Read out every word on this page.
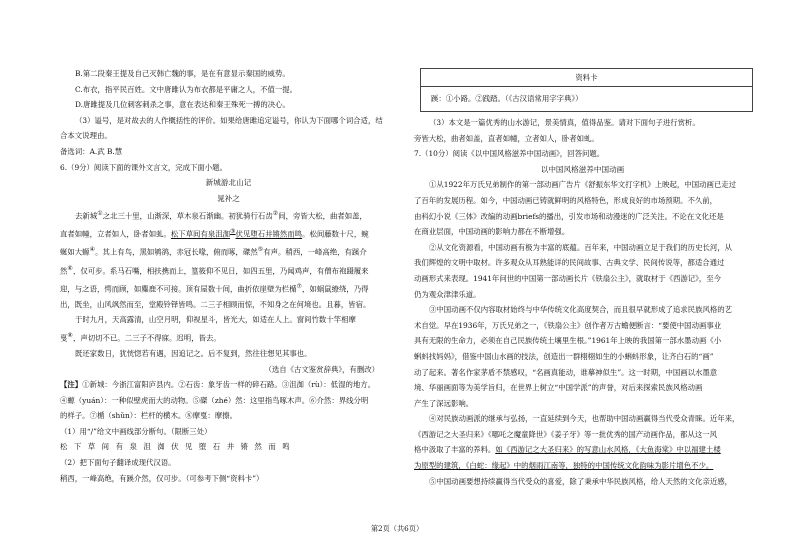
B.第二段秦王提及自己灭韩亡魏的事，是在有意显示秦国的威势。

C.布衣，指平民百姓。文中唐雎认为布衣都是平庸之人，不值一提。

D.唐雎提及几位刺客刺杀之事，意在表达和秦王殊死一搏的决心。

（3）谥号，是对故去的人作概括性的评价。如果给唐雎追定谥号，你认为下面哪个词合适，结

合本文说理由。

备选词：A.武 B.慧

6.（9分）阅读下面的课外文言文，完成下面小题。

新城游北山记

晁补之

去新城①之北三十里，山渐深，草木泉石渐幽。初犹骑行石齿②间，旁皆大松，曲者如盖，

直者如幢，立者如人，卧者如虬。松下草间有泉沮洳③伏见堕石井锵然而鸣。松间藤数十尺，蜿

蜒如大螈④。其上有鸟，黑如鸲鹆，赤冠长喙，俯而啄，磔然⑤有声。稍西，一峰高绝，有蹊介

然⑥，仅可步。系马石嘴，相扶携而上，篁筱仰不见日，如四五里，乃闻鸡声，有僧布袍蹑履来

迎，与之语，愕而顾，如麋鹿不可接。顶有屋数十间，曲折依崖壁为栏楯⑦，如蜗鼠缭绕，乃得

出，既坐，山风飒然而至，堂殿铃铎皆鸣。二三子相顾而惊，不知身之在何境也。且暮，皆宿。

于时九月，天高露清，山空月明，仰视星斗，皆光大，如适在人上。窗间竹数十竿相摩

戛⑧，声切切不已。二三子不得寐。迟明，皆去。

既还家数日，犹恍惚若有遇，因追记之。后不复到，然往往想见其事也。

（选自《古文鉴赏辞典》，有删改）

【注】①新城：今浙江富阳庐县内。②石齿：象牙齿一样的碎石路。③沮洳（rù）：低湿的地方。

④螈（yuán）：一种似壁虎而大的动物。⑤磔（zhé）然：这里指鸟啄木声。⑥介然：界线分明

的样子。⑦楯（shǔn）：栏杆的横木。⑧摩戛：摩擦。

（1）用“/”给文中画线部分断句。（限断三处）

松下草间有泉沮洳伏见堕石井锵然而鸣

（2）把下面句子翻译成现代汉语。

稍西，一峰高绝，有蹊介然，仅可步。（可参考下侧“资料卡”）

资料卡
蹊：①小路。②践踏。（《古汉语常用字字典》）

（3）本文是一篇优秀的山水游记，景美情真，值得品鉴。请对下面句子进行赏析。

旁皆大松，曲者如盖，直者如幢，立者如人，卧者如虬。

7.（10分）阅读《以中国风格滋养中国动画》，回答问题。

以中国风格滋养中国动画

①从1922年万氏兄弟制作的第一部动画广告片《舒振东华文打字机》上映起，中国动画已走过

了百年的发展历程。如今，中国动画已铸就鲜明的风格特色，形成良好的市场预期。不久前，

由科幻小说《三体》改编的动画briefs的播出，引发市场和动漫迷的广泛关注。不论在文化还是

在商业层面，中国动画的影响力都在不断增强。

②从文化资源看，中国动画有极为丰富的底蕴。百年来，中国动画立足于我们的历史长河，从

我们辉煌的文明中取材。许多观众从耳熟能详的民间故事、古典文学、民间传说等，都适合通过

动画形式来表现。1941年问世的中国第一部动画长片《铁扇公主》，就取材于《西游记》，至今

仍为观众津津乐道。

③中国动画不仅内容取材始终与中华传统文化高度契合，而且很早就形成了追求民族风格的艺

术自觉。早在1936年，万氏兄弟之一，《铁扇公主》创作者万古蟾便断言：“要使中国动画事业

具有无限的生命力，必须在自己民族传统土壤里生根。”1961年上映的我国第一部水墨动画《小

蝌蚪找妈妈》，借鉴中国山水画的技法，创造出一群栩栩如生的小蝌蚪形象，让齐白石的“画”

动了起来。著名作家茅盾不禁感叹，“名画真能动，谁摹神似生”。这一时期，中国画以水墨意

境、华丽画面等为美学旨归，在世界上树立“中国学派”的声誉，对后来探索民族风格动画

产生了深远影响。

④对民族动画派的继承与弘扬，一直延续到今天，也帮助中国动画赢得当代受众青睐。近年来，

《西游记之大圣归来》《哪吒之魔童降世》《姜子牙》等一批优秀的国产动画作品，都从这一风

格中汲取了丰富的养料。如《西游记之大圣归来》的写意山水风格，《大鱼海棠》中以福建土楼

为原型的建筑，《白蛇：缘起》中的烟雨江南等，独特的中国传统文化韵味为影片增色不少。

⑤中国动画要想持续赢得当代受众的喜爱，除了秉承中华民族风格，给人天然的文化亲近感，

第2页（共6页）
